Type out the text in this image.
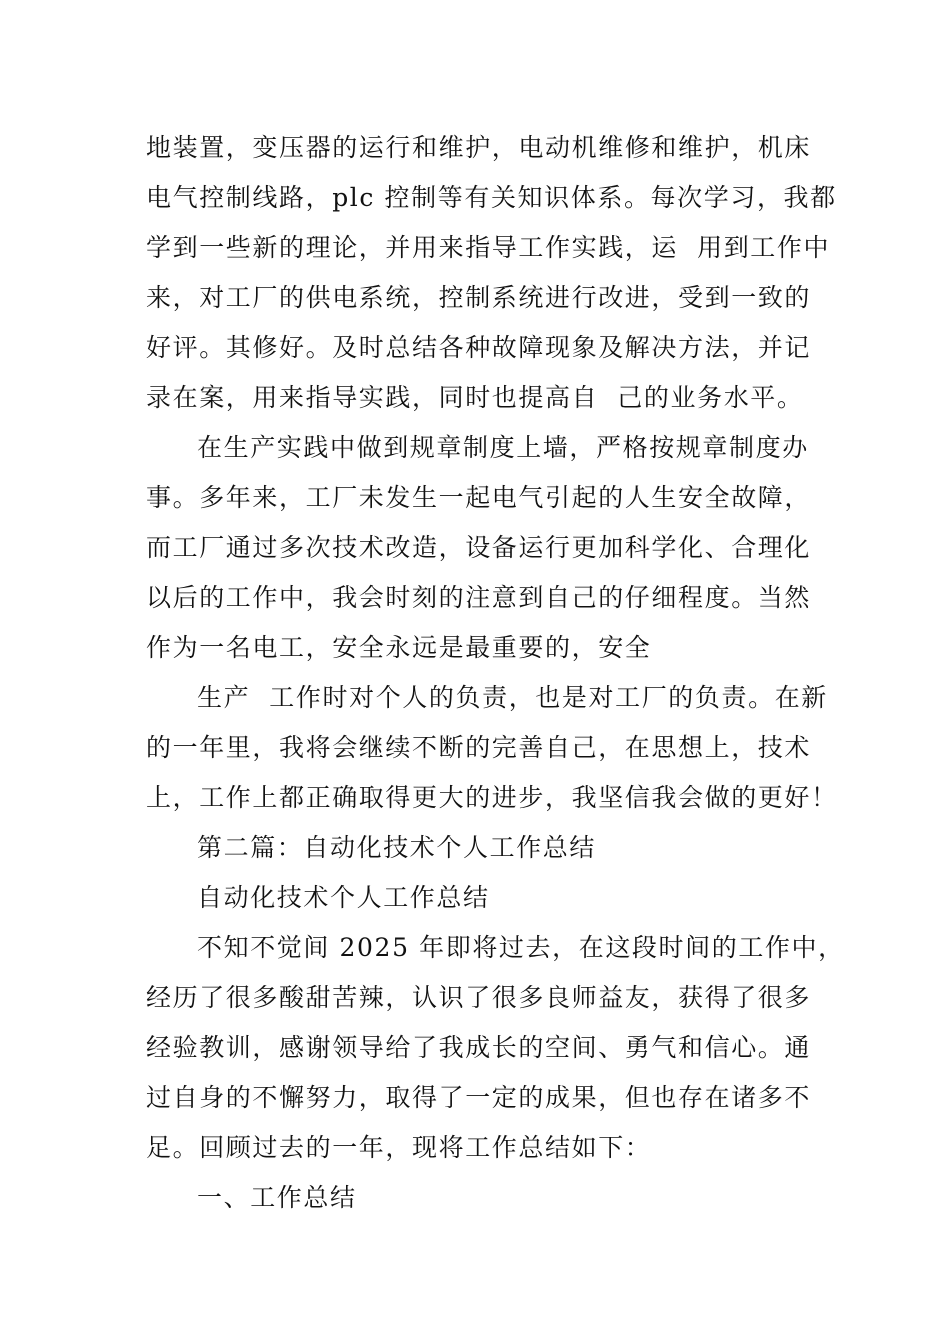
地装置，变压器的运行和维护，电动机维修和维护，机床
电气控制线路，plc 控制等有关知识体系。每次学习，我都
学到一些新的理论，并用来指导工作实践，运  用到工作中
来，对工厂的供电系统，控制系统进行改进，受到一致的
好评。其修好。及时总结各种故障现象及解决方法，并记
录在案，用来指导实践，同时也提高自  己的业务水平。
在生产实践中做到规章制度上墙，严格按规章制度办
事。多年来，工厂未发生一起电气引起的人生安全故障，
而工厂通过多次技术改造，设备运行更加科学化、合理化
以后的工作中，我会时刻的注意到自己的仔细程度。当然
作为一名电工，安全永远是最重要的，安全
生产  工作时对个人的负责，也是对工厂的负责。在新
的一年里，我将会继续不断的完善自己，在思想上，技术
上，工作上都正确取得更大的进步，我坚信我会做的更好！
第二篇：自动化技术个人工作总结
自动化技术个人工作总结
不知不觉间 2025 年即将过去，在这段时间的工作中，
经历了很多酸甜苦辣，认识了很多良师益友，获得了很多
经验教训，感谢领导给了我成长的空间、勇气和信心。通
过自身的不懈努力，取得了一定的成果，但也存在诸多不
足。回顾过去的一年，现将工作总结如下：
一、工作总结
